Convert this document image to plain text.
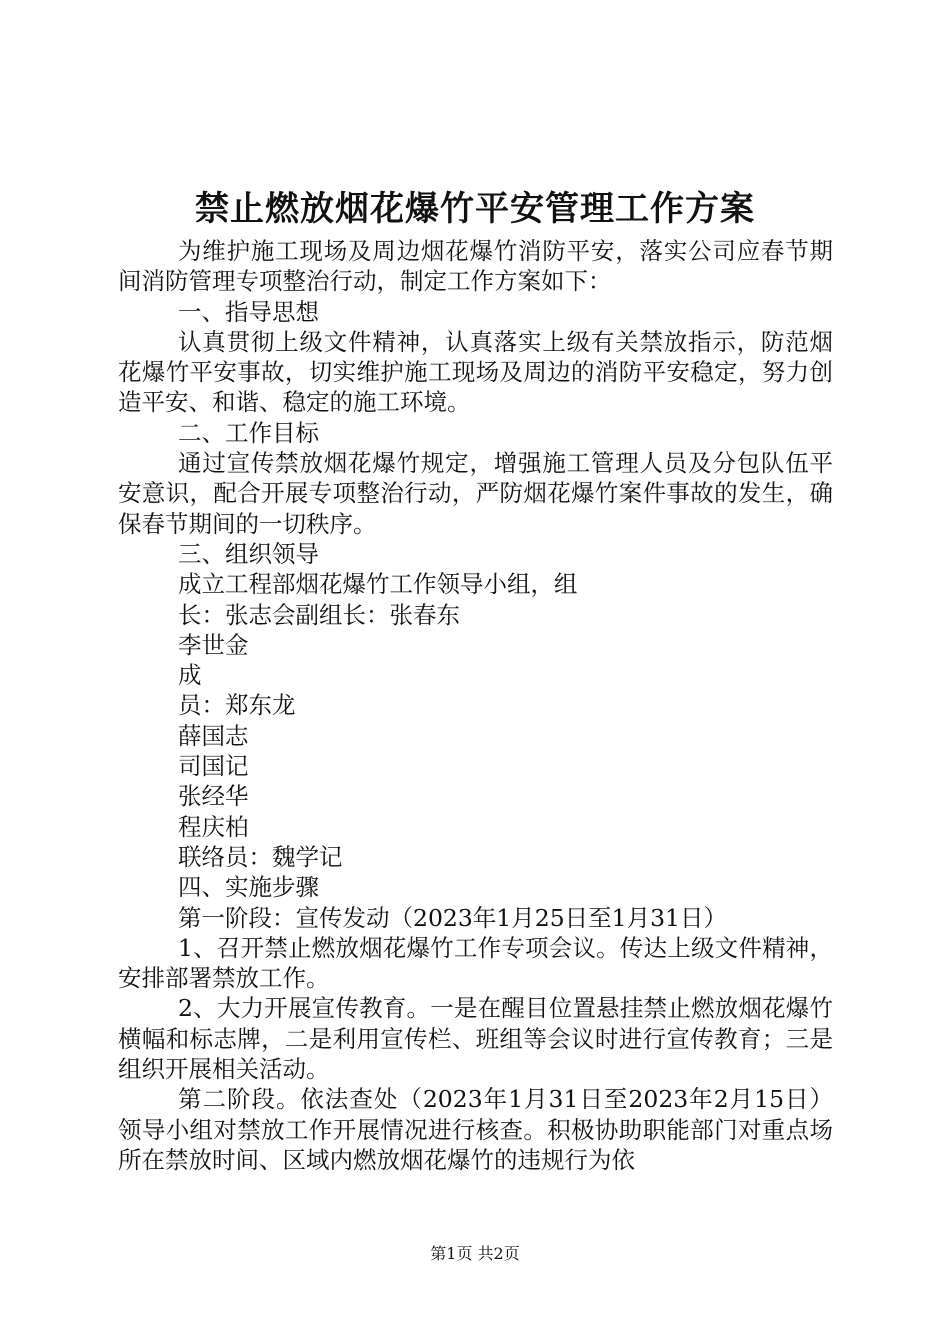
禁止燃放烟花爆竹平安管理工作方案

为维护施工现场及周边烟花爆竹消防平安，落实公司应春节期间消防管理专项整治行动，制定工作方案如下：

一、指导思想

认真贯彻上级文件精神，认真落实上级有关禁放指示，防范烟花爆竹平安事故，切实维护施工现场及周边的消防平安稳定，努力创造平安、和谐、稳定的施工环境。

二、工作目标

通过宣传禁放烟花爆竹规定，增强施工管理人员及分包队伍平安意识，配合开展专项整治行动，严防烟花爆竹案件事故的发生，确保春节期间的一切秩序。

三、组织领导

成立工程部烟花爆竹工作领导小组，组

长：张志会副组长：张春东

李世金

成

员：郑东龙

薛国志

司国记

张经华

程庆柏

联络员：魏学记

四、实施步骤

第一阶段：宣传发动（2023年1月25日至1月31日）

1、召开禁止燃放烟花爆竹工作专项会议。传达上级文件精神，安排部署禁放工作。

2、大力开展宣传教育。一是在醒目位置悬挂禁止燃放烟花爆竹横幅和标志牌，二是利用宣传栏、班组等会议时进行宣传教育；三是组织开展相关活动。

第二阶段。依法查处（2023年1月31日至2023年2月15日）领导小组对禁放工作开展情况进行核查。积极协助职能部门对重点场所在禁放时间、区域内燃放烟花爆竹的违规行为依

第1页 共2页
